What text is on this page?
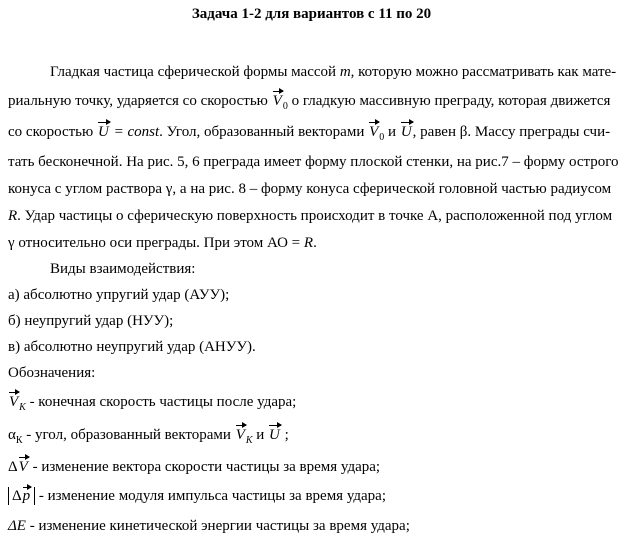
Задача 1-2 для вариантов с 11 по 20
Гладкая частица сферической формы массой m, которую можно рассматривать как мате-
риальную точку, ударяется со скоростью $V_0$ о гладкую массивную преграду, которая движется
со скоростью U = const. Угол, образованный векторами $V_0$ и U, равен β. Массу преграды счи-
тать бесконечной. На рис. 5, 6 преграда имеет форму плоской стенки, на рис.7 – форму острого
конуса с углом раствора γ, а на рис. 8 – форму конуса сферической головной частью радиусом
R. Удар частицы о сферическую поверхность происходит в точке А, расположенной под углом
γ относительно оси преграды. При этом АО = R.
Виды взаимодействия:
а) абсолютно упругий удар (АУУ);
б) неупругий удар (НУУ);
в) абсолютно неупругий удар (АНУУ).
Обозначения:
$V_К$ - конечная скорость частицы после удара;
$\alpha_К$ - угол, образованный векторами $V_К$ и U ;
ΔV - изменение вектора скорости частицы за время удара;
Δp - изменение модуля импульса частицы за время удара;
ΔE - изменение кинетической энергии частицы за время удара;
